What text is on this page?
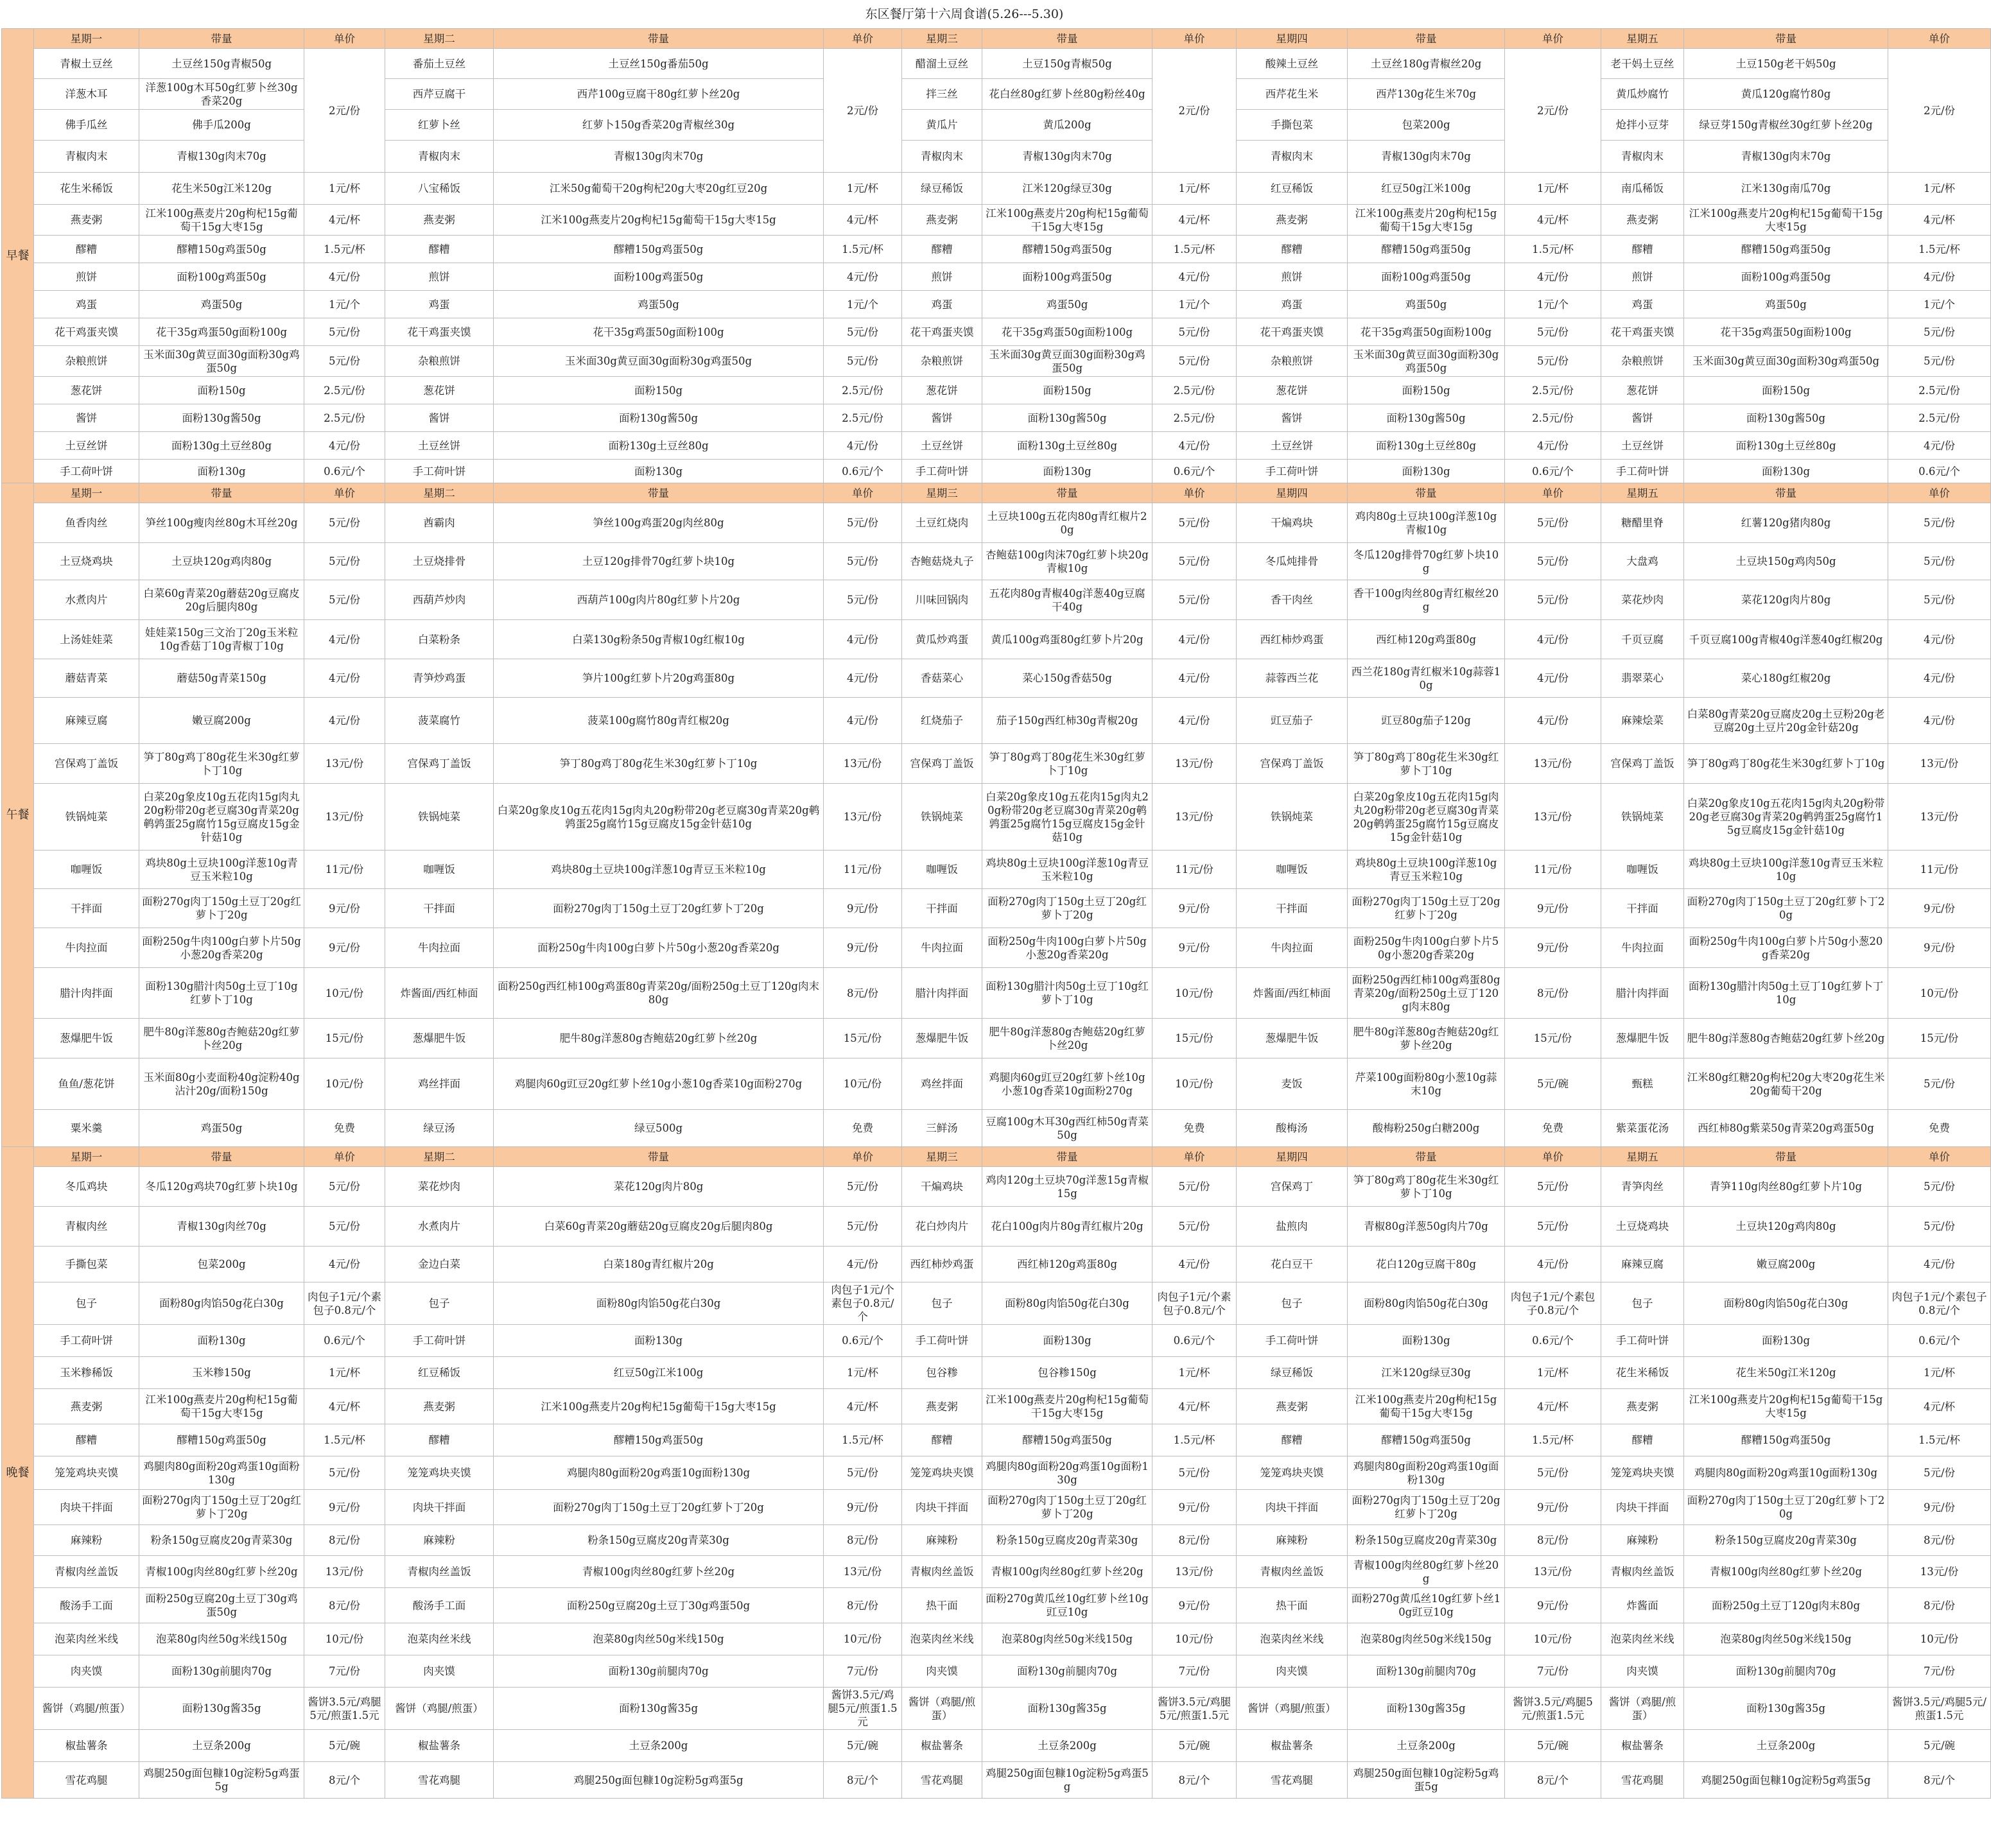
东区餐厅第十六周食谱(5.26---5.30)
早餐	星期一	带量	单价	星期二	带量	单价	星期三	带量	单价	星期四	带量	单价	星期五	带量	单价
	青椒土豆丝	土豆丝150g青椒50g	2元/份	番茄土豆丝	土豆丝150g番茄50g	2元/份	醋溜土豆丝	土豆150g青椒50g	2元/份	酸辣土豆丝	土豆丝180g青椒丝20g	2元/份	老干妈土豆丝	土豆150g老干妈50g	2元/份
	洋葱木耳	洋葱100g木耳50g红萝卜丝30g香菜20g		西芹豆腐干	西芹100g豆腐干80g红萝卜丝20g		拌三丝	花白丝80g红萝卜丝80g粉丝40g		西芹花生米	西芹130g花生米70g		黄瓜炒腐竹	黄瓜120g腐竹80g	
	佛手瓜丝	佛手瓜200g		红萝卜丝	红萝卜150g香菜20g青椒丝30g		黄瓜片	黄瓜200g		手撕包菜	包菜200g		炝拌小豆芽	绿豆芽150g青椒丝30g红萝卜丝20g	
	青椒肉末	青椒130g肉末70g		青椒肉末	青椒130g肉末70g		青椒肉末	青椒130g肉末70g		青椒肉末	青椒130g肉末70g		青椒肉末	青椒130g肉末70g	
	花生米稀饭	花生米50g江米120g	1元/杯	八宝稀饭	江米50g葡萄干20g枸杞20g大枣20g红豆20g	1元/杯	绿豆稀饭	江米120g绿豆30g	1元/杯	红豆稀饭	红豆50g江米100g	1元/杯	南瓜稀饭	江米130g南瓜70g	1元/杯
	燕麦粥	江米100g燕麦片20g枸杞15g葡萄干15g大枣15g	4元/杯	燕麦粥	江米100g燕麦片20g枸杞15g葡萄干15g大枣15g	4元/杯	燕麦粥	江米100g燕麦片20g枸杞15g葡萄干15g大枣15g	4元/杯	燕麦粥	江米100g燕麦片20g枸杞15g葡萄干15g大枣15g	4元/杯	燕麦粥	江米100g燕麦片20g枸杞15g葡萄干15g大枣15g	4元/杯
	醪糟	醪糟150g鸡蛋50g	1.5元/杯	醪糟	醪糟150g鸡蛋50g	1.5元/杯	醪糟	醪糟150g鸡蛋50g	1.5元/杯	醪糟	醪糟150g鸡蛋50g	1.5元/杯	醪糟	醪糟150g鸡蛋50g	1.5元/杯
	煎饼	面粉100g鸡蛋50g	4元/份	煎饼	面粉100g鸡蛋50g	4元/份	煎饼	面粉100g鸡蛋50g	4元/份	煎饼	面粉100g鸡蛋50g	4元/份	煎饼	面粉100g鸡蛋50g	4元/份
	鸡蛋	鸡蛋50g	1元/个	鸡蛋	鸡蛋50g	1元/个	鸡蛋	鸡蛋50g	1元/个	鸡蛋	鸡蛋50g	1元/个	鸡蛋	鸡蛋50g	1元/个
	花干鸡蛋夹馍	花干35g鸡蛋50g面粉100g	5元/份	花干鸡蛋夹馍	花干35g鸡蛋50g面粉100g	5元/份	花干鸡蛋夹馍	花干35g鸡蛋50g面粉100g	5元/份	花干鸡蛋夹馍	花干35g鸡蛋50g面粉100g	5元/份	花干鸡蛋夹馍	花干35g鸡蛋50g面粉100g	5元/份
	杂粮煎饼	玉米面30g黄豆面30g面粉30g鸡蛋50g	5元/份	杂粮煎饼	玉米面30g黄豆面30g面粉30g鸡蛋50g	5元/份	杂粮煎饼	玉米面30g黄豆面30g面粉30g鸡蛋50g	5元/份	杂粮煎饼	玉米面30g黄豆面30g面粉30g鸡蛋50g	5元/份	杂粮煎饼	玉米面30g黄豆面30g面粉30g鸡蛋50g	5元/份
	葱花饼	面粉150g	2.5元/份	葱花饼	面粉150g	2.5元/份	葱花饼	面粉150g	2.5元/份	葱花饼	面粉150g	2.5元/份	葱花饼	面粉150g	2.5元/份
	酱饼	面粉130g酱50g	2.5元/份	酱饼	面粉130g酱50g	2.5元/份	酱饼	面粉130g酱50g	2.5元/份	酱饼	面粉130g酱50g	2.5元/份	酱饼	面粉130g酱50g	2.5元/份
	土豆丝饼	面粉130g土豆丝80g	4元/份	土豆丝饼	面粉130g土豆丝80g	4元/份	土豆丝饼	面粉130g土豆丝80g	4元/份	土豆丝饼	面粉130g土豆丝80g	4元/份	土豆丝饼	面粉130g土豆丝80g	4元/份
	手工荷叶饼	面粉130g	0.6元/个	手工荷叶饼	面粉130g	0.6元/个	手工荷叶饼	面粉130g	0.6元/个	手工荷叶饼	面粉130g	0.6元/个	手工荷叶饼	面粉130g	0.6元/个
午餐	星期一	带量	单价	星期二	带量	单价	星期三	带量	单价	星期四	带量	单价	星期五	带量	单价
	鱼香肉丝	笋丝100g瘦肉丝80g木耳丝20g	5元/份	酋霸肉	笋丝100g鸡蛋20g肉丝80g	5元/份	土豆红烧肉	土豆块100g五花肉80g青红椒片20g	5元/份	干煸鸡块	鸡肉80g土豆块100g洋葱10g青椒10g	5元/份	糖醋里脊	红薯120g猪肉80g	5元/份
	土豆烧鸡块	土豆块120g鸡肉80g	5元/份	土豆烧排骨	土豆120g排骨70g红萝卜块10g	5元/份	杏鲍菇烧丸子	杏鲍菇100g肉沫70g红萝卜块20g青椒10g	5元/份	冬瓜炖排骨	冬瓜120g排骨70g红萝卜块10g	5元/份	大盘鸡	土豆块150g鸡肉50g	5元/份
	水煮肉片	白菜60g青菜20g蘑菇20g豆腐皮20g后腿肉80g	5元/份	西葫芦炒肉	西葫芦100g肉片80g红萝卜片20g	5元/份	川味回锅肉	五花肉80g青椒40g洋葱40g豆腐干40g	5元/份	香干肉丝	香干100g肉丝80g青红椒丝20g	5元/份	菜花炒肉	菜花120g肉片80g	5元/份
	上汤娃娃菜	娃娃菜150g三文治丁20g玉米粒10g香菇丁10g青椒丁10g	4元/份	白菜粉条	白菜130g粉条50g青椒10g红椒10g	4元/份	黄瓜炒鸡蛋	黄瓜100g鸡蛋80g红萝卜片20g	4元/份	西红柿炒鸡蛋	西红柿120g鸡蛋80g	4元/份	千页豆腐	千页豆腐100g青椒40g洋葱40g红椒20g	4元/份
	蘑菇青菜	蘑菇50g青菜150g	4元/份	青笋炒鸡蛋	笋片100g红萝卜片20g鸡蛋80g	4元/份	香菇菜心	菜心150g香菇50g	4元/份	蒜蓉西兰花	西兰花180g青红椒米10g蒜蓉10g	4元/份	翡翠菜心	菜心180g红椒20g	4元/份
	麻辣豆腐	嫩豆腐200g	4元/份	菠菜腐竹	菠菜100g腐竹80g青红椒20g	4元/份	红烧茄子	茄子150g西红柿30g青椒20g	4元/份	豇豆茄子	豇豆80g茄子120g	4元/份	麻辣烩菜	白菜80g青菜20g豆腐皮20g土豆粉20g老豆腐20g土豆片20g金针菇20g	4元/份
	宫保鸡丁盖饭	笋丁80g鸡丁80g花生米30g红萝卜丁10g	13元/份	宫保鸡丁盖饭	笋丁80g鸡丁80g花生米30g红萝卜丁10g	13元/份	宫保鸡丁盖饭	笋丁80g鸡丁80g花生米30g红萝卜丁10g	13元/份	宫保鸡丁盖饭	笋丁80g鸡丁80g花生米30g红萝卜丁10g	13元/份	宫保鸡丁盖饭	笋丁80g鸡丁80g花生米30g红萝卜丁10g	13元/份
	铁锅炖菜	白菜20g象皮10g五花肉15g肉丸20g粉带20g老豆腐30g青菜20g鹌鹑蛋25g腐竹15g豆腐皮15g金针菇10g	13元/份	铁锅炖菜	白菜20g象皮10g五花肉15g肉丸20g粉带20g老豆腐30g青菜20g鹌鹑蛋25g腐竹15g豆腐皮15g金针菇10g	13元/份	铁锅炖菜	白菜20g象皮10g五花肉15g肉丸20g粉带20g老豆腐30g青菜20g鹌鹑蛋25g腐竹15g豆腐皮15g金针菇10g	13元/份	铁锅炖菜	白菜20g象皮10g五花肉15g肉丸20g粉带20g老豆腐30g青菜20g鹌鹑蛋25g腐竹15g豆腐皮15g金针菇10g	13元/份	铁锅炖菜	白菜20g象皮10g五花肉15g肉丸20g粉带20g老豆腐30g青菜20g鹌鹑蛋25g腐竹15g豆腐皮15g金针菇10g	13元/份
	咖喱饭	鸡块80g土豆块100g洋葱10g青豆玉米粒10g	11元/份	咖喱饭	鸡块80g土豆块100g洋葱10g青豆玉米粒10g	11元/份	咖喱饭	鸡块80g土豆块100g洋葱10g青豆玉米粒10g	11元/份	咖喱饭	鸡块80g土豆块100g洋葱10g青豆玉米粒10g	11元/份	咖喱饭	鸡块80g土豆块100g洋葱10g青豆玉米粒10g	11元/份
	干拌面	面粉270g肉丁150g土豆丁20g红萝卜丁20g	9元/份	干拌面	面粉270g肉丁150g土豆丁20g红萝卜丁20g	9元/份	干拌面	面粉270g肉丁150g土豆丁20g红萝卜丁20g	9元/份	干拌面	面粉270g肉丁150g土豆丁20g红萝卜丁20g	9元/份	干拌面	面粉270g肉丁150g土豆丁20g红萝卜丁20g	9元/份
	牛肉拉面	面粉250g牛肉100g白萝卜片50g小葱20g香菜20g	9元/份	牛肉拉面	面粉250g牛肉100g白萝卜片50g小葱20g香菜20g	9元/份	牛肉拉面	面粉250g牛肉100g白萝卜片50g小葱20g香菜20g	9元/份	牛肉拉面	面粉250g牛肉100g白萝卜片50g小葱20g香菜20g	9元/份	牛肉拉面	面粉250g牛肉100g白萝卜片50g小葱20g香菜20g	9元/份
	腊汁肉拌面	面粉130g腊汁肉50g土豆丁10g红萝卜丁10g	10元/份	炸酱面/西红柿面	面粉250g西红柿100g鸡蛋80g青菜20g/面粉250g土豆丁120g肉末80g	8元/份	腊汁肉拌面	面粉130g腊汁肉50g土豆丁10g红萝卜丁10g	10元/份	炸酱面/西红柿面	面粉250g西红柿100g鸡蛋80g青菜20g/面粉250g土豆丁120g肉末80g	8元/份	腊汁肉拌面	面粉130g腊汁肉50g土豆丁10g红萝卜丁10g	10元/份
	葱爆肥牛饭	肥牛80g洋葱80g杏鲍菇20g红萝卜丝20g	15元/份	葱爆肥牛饭	肥牛80g洋葱80g杏鲍菇20g红萝卜丝20g	15元/份	葱爆肥牛饭	肥牛80g洋葱80g杏鲍菇20g红萝卜丝20g	15元/份	葱爆肥牛饭	肥牛80g洋葱80g杏鲍菇20g红萝卜丝20g	15元/份	葱爆肥牛饭	肥牛80g洋葱80g杏鲍菇20g红萝卜丝20g	15元/份
	鱼鱼/葱花饼	玉米面80g小麦面粉40g淀粉40g沾汁20g/面粉150g	10元/份	鸡丝拌面	鸡腿肉60g豇豆20g红萝卜丝10g小葱10g香菜10g面粉270g	10元/份	鸡丝拌面	鸡腿肉60g豇豆20g红萝卜丝10g小葱10g香菜10g面粉270g	10元/份	麦饭	芹菜100g面粉80g小葱10g蒜末10g	5元/碗	甄糕	江米80g红糖20g枸杞20g大枣20g花生米20g葡萄干20g	5元/份
	粟米羹	鸡蛋50g	免费	绿豆汤	绿豆500g	免费	三鲜汤	豆腐100g木耳30g西红柿50g青菜50g	免费	酸梅汤	酸梅粉250g白糖200g	免费	紫菜蛋花汤	西红柿80g紫菜50g青菜20g鸡蛋50g	免费
晚餐	星期一	带量	单价	星期二	带量	单价	星期三	带量	单价	星期四	带量	单价	星期五	带量	单价
	冬瓜鸡块	冬瓜120g鸡块70g红萝卜块10g	5元/份	菜花炒肉	菜花120g肉片80g	5元/份	干煸鸡块	鸡肉120g土豆块70g洋葱15g青椒15g	5元/份	宫保鸡丁	笋丁80g鸡丁80g花生米30g红萝卜丁10g	5元/份	青笋肉丝	青笋110g肉丝80g红萝卜片10g	5元/份
	青椒肉丝	青椒130g肉丝70g	5元/份	水煮肉片	白菜60g青菜20g蘑菇20g豆腐皮20g后腿肉80g	5元/份	花白炒肉片	花白100g肉片80g青红椒片20g	5元/份	盐煎肉	青椒80g洋葱50g肉片70g	5元/份	土豆烧鸡块	土豆块120g鸡肉80g	5元/份
	手撕包菜	包菜200g	4元/份	金边白菜	白菜180g青红椒片20g	4元/份	西红柿炒鸡蛋	西红柿120g鸡蛋80g	4元/份	花白豆干	花白120g豆腐干80g	4元/份	麻辣豆腐	嫩豆腐200g	4元/份
	包子	面粉80g肉馅50g花白30g	肉包子1元/个素包子0.8元/个	包子	面粉80g肉馅50g花白30g	肉包子1元/个素包子0.8元/个	包子	面粉80g肉馅50g花白30g	肉包子1元/个素包子0.8元/个	包子	面粉80g肉馅50g花白30g	肉包子1元/个素包子0.8元/个	包子	面粉80g肉馅50g花白30g	肉包子1元/个素包子0.8元/个
	手工荷叶饼	面粉130g	0.6元/个	手工荷叶饼	面粉130g	0.6元/个	手工荷叶饼	面粉130g	0.6元/个	手工荷叶饼	面粉130g	0.6元/个	手工荷叶饼	面粉130g	0.6元/个
	玉米糁稀饭	玉米糁150g	1元/杯	红豆稀饭	红豆50g江米100g	1元/杯	包谷糁	包谷糁150g	1元/杯	绿豆稀饭	江米120g绿豆30g	1元/杯	花生米稀饭	花生米50g江米120g	1元/杯
	燕麦粥	江米100g燕麦片20g枸杞15g葡萄干15g大枣15g	4元/杯	燕麦粥	江米100g燕麦片20g枸杞15g葡萄干15g大枣15g	4元/杯	燕麦粥	江米100g燕麦片20g枸杞15g葡萄干15g大枣15g	4元/杯	燕麦粥	江米100g燕麦片20g枸杞15g葡萄干15g大枣15g	4元/杯	燕麦粥	江米100g燕麦片20g枸杞15g葡萄干15g大枣15g	4元/杯
	醪糟	醪糟150g鸡蛋50g	1.5元/杯	醪糟	醪糟150g鸡蛋50g	1.5元/杯	醪糟	醪糟150g鸡蛋50g	1.5元/杯	醪糟	醪糟150g鸡蛋50g	1.5元/杯	醪糟	醪糟150g鸡蛋50g	1.5元/杯
	笼笼鸡块夹馍	鸡腿肉80g面粉20g鸡蛋10g面粉130g	5元/份	笼笼鸡块夹馍	鸡腿肉80g面粉20g鸡蛋10g面粉130g	5元/份	笼笼鸡块夹馍	鸡腿肉80g面粉20g鸡蛋10g面粉130g	5元/份	笼笼鸡块夹馍	鸡腿肉80g面粉20g鸡蛋10g面粉130g	5元/份	笼笼鸡块夹馍	鸡腿肉80g面粉20g鸡蛋10g面粉130g	5元/份
	肉块干拌面	面粉270g肉丁150g土豆丁20g红萝卜丁20g	9元/份	肉块干拌面	面粉270g肉丁150g土豆丁20g红萝卜丁20g	9元/份	肉块干拌面	面粉270g肉丁150g土豆丁20g红萝卜丁20g	9元/份	肉块干拌面	面粉270g肉丁150g土豆丁20g红萝卜丁20g	9元/份	肉块干拌面	面粉270g肉丁150g土豆丁20g红萝卜丁20g	9元/份
	麻辣粉	粉条150g豆腐皮20g青菜30g	8元/份	麻辣粉	粉条150g豆腐皮20g青菜30g	8元/份	麻辣粉	粉条150g豆腐皮20g青菜30g	8元/份	麻辣粉	粉条150g豆腐皮20g青菜30g	8元/份	麻辣粉	粉条150g豆腐皮20g青菜30g	8元/份
	青椒肉丝盖饭	青椒100g肉丝80g红萝卜丝20g	13元/份	青椒肉丝盖饭	青椒100g肉丝80g红萝卜丝20g	13元/份	青椒肉丝盖饭	青椒100g肉丝80g红萝卜丝20g	13元/份	青椒肉丝盖饭	青椒100g肉丝80g红萝卜丝20g	13元/份	青椒肉丝盖饭	青椒100g肉丝80g红萝卜丝20g	13元/份
	酸汤手工面	面粉250g豆腐20g土豆丁30g鸡蛋50g	8元/份	酸汤手工面	面粉250g豆腐20g土豆丁30g鸡蛋50g	8元/份	热干面	面粉270g黄瓜丝10g红萝卜丝10g豇豆10g	9元/份	热干面	面粉270g黄瓜丝10g红萝卜丝10g豇豆10g	9元/份	炸酱面	面粉250g土豆丁120g肉末80g	8元/份
	泡菜肉丝米线	泡菜80g肉丝50g米线150g	10元/份	泡菜肉丝米线	泡菜80g肉丝50g米线150g	10元/份	泡菜肉丝米线	泡菜80g肉丝50g米线150g	10元/份	泡菜肉丝米线	泡菜80g肉丝50g米线150g	10元/份	泡菜肉丝米线	泡菜80g肉丝50g米线150g	10元/份
	肉夹馍	面粉130g前腿肉70g	7元/份	肉夹馍	面粉130g前腿肉70g	7元/份	肉夹馍	面粉130g前腿肉70g	7元/份	肉夹馍	面粉130g前腿肉70g	7元/份	肉夹馍	面粉130g前腿肉70g	7元/份
	酱饼（鸡腿/煎蛋）	面粉130g酱35g	酱饼3.5元/鸡腿5元/煎蛋1.5元	酱饼（鸡腿/煎蛋）	面粉130g酱35g	酱饼3.5元/鸡腿5元/煎蛋1.5元	酱饼（鸡腿/煎蛋）	面粉130g酱35g	酱饼3.5元/鸡腿5元/煎蛋1.5元	酱饼（鸡腿/煎蛋）	面粉130g酱35g	酱饼3.5元/鸡腿5元/煎蛋1.5元	酱饼（鸡腿/煎蛋）	面粉130g酱35g	酱饼3.5元/鸡腿5元/煎蛋1.5元
	椒盐薯条	土豆条200g	5元/碗	椒盐薯条	土豆条200g	5元/碗	椒盐薯条	土豆条200g	5元/碗	椒盐薯条	土豆条200g	5元/碗	椒盐薯条	土豆条200g	5元/碗
	雪花鸡腿	鸡腿250g面包糠10g淀粉5g鸡蛋5g	8元/个	雪花鸡腿	鸡腿250g面包糠10g淀粉5g鸡蛋5g	8元/个	雪花鸡腿	鸡腿250g面包糠10g淀粉5g鸡蛋5g	8元/个	雪花鸡腿	鸡腿250g面包糠10g淀粉5g鸡蛋5g	8元/个	雪花鸡腿	鸡腿250g面包糠10g淀粉5g鸡蛋5g	8元/个
